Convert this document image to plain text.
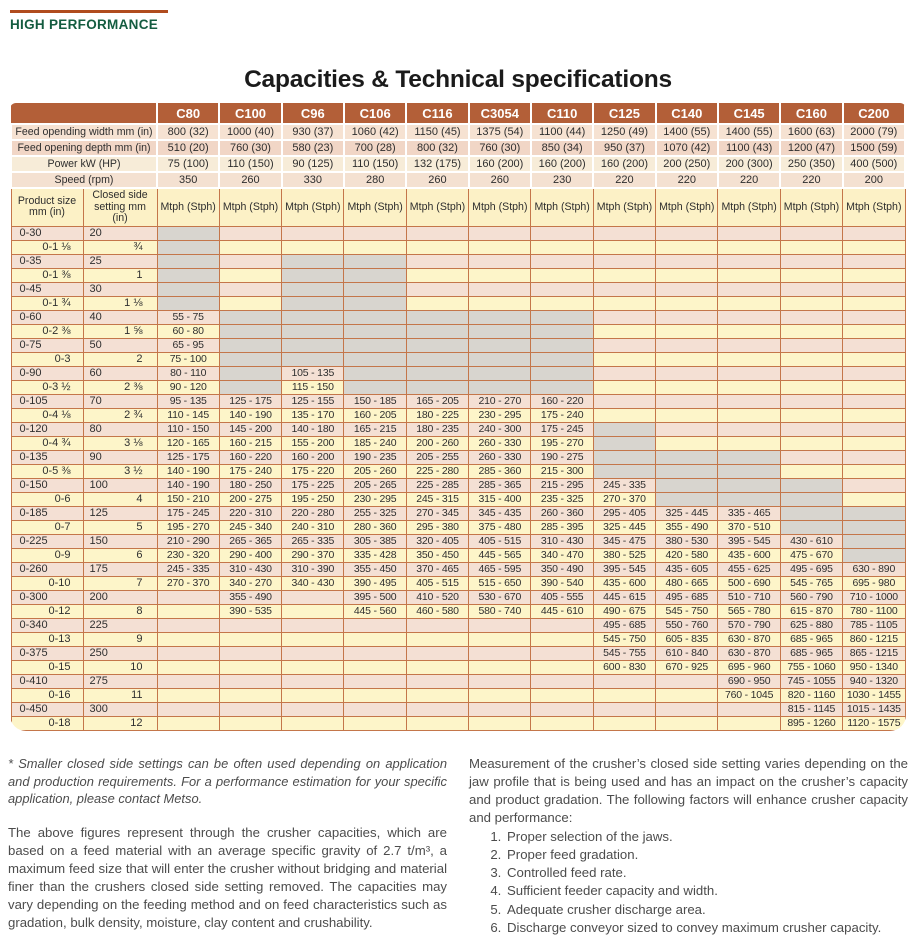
HIGH PERFORMANCE
Capacities & Technical specifications
		C80	C100	C96	C106	C116	C3054	C110	C125	C140	C145	C160	C200
Feed opending width mm (in)		800 (32)	1000 (40)	930 (37)	1060 (42)	1150 (45)	1375 (54)	1100 (44)	1250 (49)	1400 (55)	1400 (55)	1600 (63)	2000 (79)
Feed opening depth mm (in)		510 (20)	760 (30)	580 (23)	700 (28)	800 (32)	760 (30)	850 (34)	950 (37)	1070 (42)	1100 (43)	1200 (47)	1500 (59)
Power kW (HP)		75 (100)	110 (150)	90 (125)	110 (150)	132 (175)	160 (200)	160 (200)	160 (200)	200 (250)	200 (300)	250 (350)	400 (500)
Speed (rpm)		350	260	330	280	260	260	230	220	220	220	220	200
Product size mm (in)	Closed side setting mm (in)	Mtph (Stph)	Mtph (Stph)	Mtph (Stph)	Mtph (Stph)	Mtph (Stph)	Mtph (Stph)	Mtph (Stph)	Mtph (Stph)	Mtph (Stph)	Mtph (Stph)	Mtph (Stph)	Mtph (Stph)
0-30	20												
0-1 ⅛	¾												
0-35	25												
0-1 ⅜	1												
0-45	30												
0-1 ¾	1 ⅛												
0-60	40	55 - 75											
0-2 ⅜	1 ⅝	60 - 80											
0-75	50	65 - 95											
0-3	2	75 - 100											
0-90	60	80 - 110		105 - 135									
0-3 ½	2 ⅜	90 - 120		115 - 150									
0-105	70	95 - 135	125 - 175	125 - 155	150 - 185	165 - 205	210 - 270	160 - 220					
0-4 ⅛	2 ¾	110 - 145	140 - 190	135 - 170	160 - 205	180 - 225	230 - 295	175 - 240					
0-120	80	110 - 150	145 - 200	140 - 180	165 - 215	180 - 235	240 - 300	175 - 245					
0-4 ¾	3 ⅛	120 - 165	160 - 215	155 - 200	185 - 240	200 - 260	260 - 330	195 - 270					
0-135	90	125 - 175	160 - 220	160 - 200	190 - 235	205 - 255	260 - 330	190 - 275					
0-5 ⅜	3 ½	140 - 190	175 - 240	175 - 220	205 - 260	225 - 280	285 - 360	215 - 300					
0-150	100	140 - 190	180 - 250	175 - 225	205 - 265	225 - 285	285 - 365	215 - 295	245 - 335				
0-6	4	150 - 210	200 - 275	195 - 250	230 - 295	245 - 315	315 - 400	235 - 325	270 - 370				
0-185	125	175 - 245	220 - 310	220 - 280	255 - 325	270 - 345	345 - 435	260 - 360	295 - 405	325 - 445	335 - 465		
0-7	5	195 - 270	245 - 340	240 - 310	280 - 360	295 - 380	375 - 480	285 - 395	325 - 445	355 - 490	370 - 510		
0-225	150	210 - 290	265 - 365	265 - 335	305 - 385	320 - 405	405 - 515	310 - 430	345 - 475	380 - 530	395 - 545	430 - 610	
0-9	6	230 - 320	290 - 400	290 - 370	335 - 428	350 - 450	445 - 565	340 - 470	380 - 525	420 - 580	435 - 600	475 - 670	
0-260	175	245 - 335	310 - 430	310 - 390	355 - 450	370 - 465	465 - 595	350 - 490	395 - 545	435 - 605	455 - 625	495 - 695	630 - 890
0-10	7	270 - 370	340 - 270	340 - 430	390 - 495	405 - 515	515 - 650	390 - 540	435 - 600	480 - 665	500 - 690	545 - 765	695 - 980
0-300	200		355 - 490		395 - 500	410 - 520	530 - 670	405 - 555	445 - 615	495 - 685	510 - 710	560 - 790	710 - 1000
0-12	8		390 - 535		445 - 560	460 - 580	580 - 740	445 - 610	490 - 675	545 - 750	565 - 780	615 - 870	780 - 1100
0-340	225								495 - 685	550 - 760	570 - 790	625 - 880	785 - 1105
0-13	9								545 - 750	605 - 835	630 - 870	685 - 965	860 - 1215
0-375	250								545 - 755	610 - 840	630 - 870	685 - 965	865 - 1215
0-15	10								600 - 830	670 - 925	695 - 960	755 - 1060	950 - 1340
0-410	275										690 - 950	745 - 1055	940 - 1320
0-16	11										760 - 1045	820 - 1160	1030 - 1455
0-450	300											815 - 1145	1015 - 1435
0-18	12											895 - 1260	1120 - 1575

* Smaller closed side settings can be often used depending on application and production requirements. For a performance estimation for your specific application, please contact Metso.

The above figures represent through the crusher capacities, which are based on a feed material with an average specific gravity of 2.7 t/m³, a maximum feed size that will enter the crusher without bridging and material finer than the crushers closed side setting removed. The capacities may vary depending on the feeding method and on feed characteristics such as gradation, bulk density, moisture, clay content and crushability.

Measurement of the crusher’s closed side setting varies depending on the jaw profile that is being used and has an impact on the crusher’s capacity and product gradation. The following factors will enhance crusher capacity and performance:

1. Proper selection of the jaws.
2. Proper feed gradation.
3. Controlled feed rate.
4. Sufficient feeder capacity and width.
5. Adequate crusher discharge area.
6. Discharge conveyor sized to convey maximum crusher capacity.
